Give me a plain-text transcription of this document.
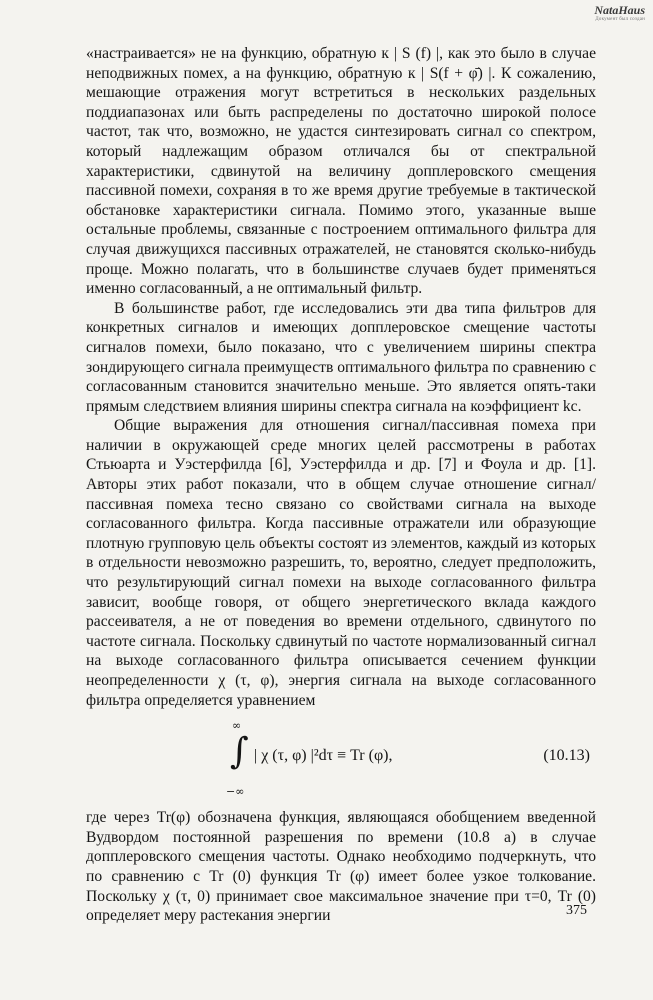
NataHaus
Документ был создан

«настраивается» не на функцию, обратную к | S (f) |, как это было в случае неподвижных помех, а на функцию, обратную к | S(f + φ̄) |. К сожалению, мешающие отражения могут встретиться в нескольких раздельных поддиапазонах или быть распределены по достаточно широкой полосе частот, так что, возможно, не удастся синтезировать сигнал со спектром, который надлежащим образом отличался бы от спектральной характеристики, сдвинутой на величину допплеровского смещения пассивной помехи, сохраняя в то же время другие требуемые в тактической обстановке характеристики сигнала. Помимо этого, указанные выше остальные проблемы, связанные с построением оптимального фильтра для случая движущихся пассивных отражателей, не становятся сколько-нибудь проще. Можно полагать, что в большинстве случаев будет применяться именно согласованный, а не оптимальный фильтр.

В большинстве работ, где исследовались эти два типа фильтров для конкретных сигналов и имеющих допплеровское смещение частоты сигналов помехи, было показано, что с увеличением ширины спектра зондирующего сигнала преимуществ оптимального фильтра по сравнению с согласованным становится значительно меньше. Это является опять-таки прямым следствием влияния ширины спектра сигнала на коэффициент kc.

Общие выражения для отношения сигнал/пассивная помеха при наличии в окружающей среде многих целей рассмотрены в работах Стьюарта и Уэстерфилда [6], Уэстерфилда и др. [7] и Фоула и др. [1]. Авторы этих работ показали, что в общем случае отношение сигнал/пассивная помеха тесно связано со свойствами сигнала на выходе согласованного фильтра. Когда пассивные отражатели или образующие плотную групповую цель объекты состоят из элементов, каждый из которых в отдельности невозможно разрешить, то, вероятно, следует предположить, что результирующий сигнал помехи на выходе согласованного фильтра зависит, вообще говоря, от общего энергетического вклада каждого рассеивателя, а не от поведения во времени отдельного, сдвинутого по частоте сигнала. Поскольку сдвинутый по частоте нормализованный сигнал на выходе согласованного фильтра описывается сечением функции неопределенности χ (τ, φ), энергия сигнала на выходе согласованного фильтра определяется уравнением

∞
∫
−∞
| χ (τ, φ) |²dτ ≡ Tr (φ),	(10.13)

где через Tr(φ) обозначена функция, являющаяся обобщением введенной Вудвордом постоянной разрешения по времени (10.8 а) в случае допплеровского смещения частоты. Однако необходимо подчеркнуть, что по сравнению с Tr (0) функция Tr (φ) имеет более узкое толкование. Поскольку χ (τ, 0) принимает свое максимальное значение при τ=0, Tr (0) определяет меру растекания энергии	375
